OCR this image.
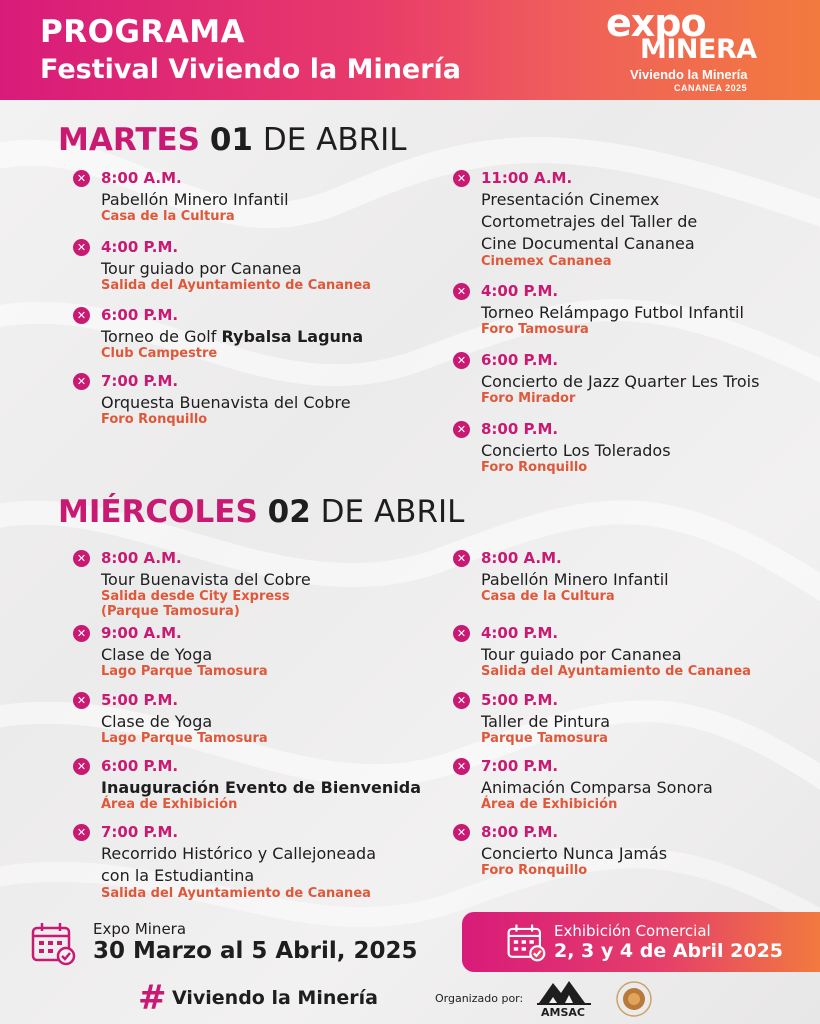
PROGRAMA
Festival Viviendo la Minería
expo
MINERA
Viviendo la Minería
CANANEA 2025
MARTES 01 DE ABRIL
✕ 8:00 A.M.
Pabellón Minero Infantil
Casa de la Cultura
✕ 4:00 P.M.
Tour guiado por Cananea
Salida del Ayuntamiento de Cananea
✕ 6:00 P.M.
Torneo de Golf Rybalsa Laguna
Club Campestre
✕ 7:00 P.M.
Orquesta Buenavista del Cobre
Foro Ronquillo
✕ 11:00 A.M.
Presentación Cinemex
Cortometrajes del Taller de
Cine Documental Cananea
Cinemex Cananea
✕ 4:00 P.M.
Torneo Relámpago Futbol Infantil
Foro Tamosura
✕ 6:00 P.M.
Concierto de Jazz Quarter Les Trois
Foro Mirador
✕ 8:00 P.M.
Concierto Los Tolerados
Foro Ronquillo
MIÉRCOLES 02 DE ABRIL
✕ 8:00 A.M.
Tour Buenavista del Cobre
Salida desde City Express
(Parque Tamosura)
✕ 9:00 A.M.
Clase de Yoga
Lago Parque Tamosura
✕ 5:00 P.M.
Clase de Yoga
Lago Parque Tamosura
✕ 6:00 P.M.
Inauguración Evento de Bienvenida
Área de Exhibición
✕ 7:00 P.M.
Recorrido Histórico y Callejoneada
con la Estudiantina
Salida del Ayuntamiento de Cananea
✕ 8:00 A.M.
Pabellón Minero Infantil
Casa de la Cultura
✕ 4:00 P.M.
Tour guiado por Cananea
Salida del Ayuntamiento de Cananea
✕ 5:00 P.M.
Taller de Pintura
Parque Tamosura
✕ 7:00 P.M.
Animación Comparsa Sonora
Área de Exhibición
✕ 8:00 P.M.
Concierto Nunca Jamás
Foro Ronquillo
Expo Minera
30 Marzo al 5 Abril, 2025
Exhibición Comercial
2, 3 y 4 de Abril 2025
# Viviendo la Minería	Organizado por:
AMSAC
